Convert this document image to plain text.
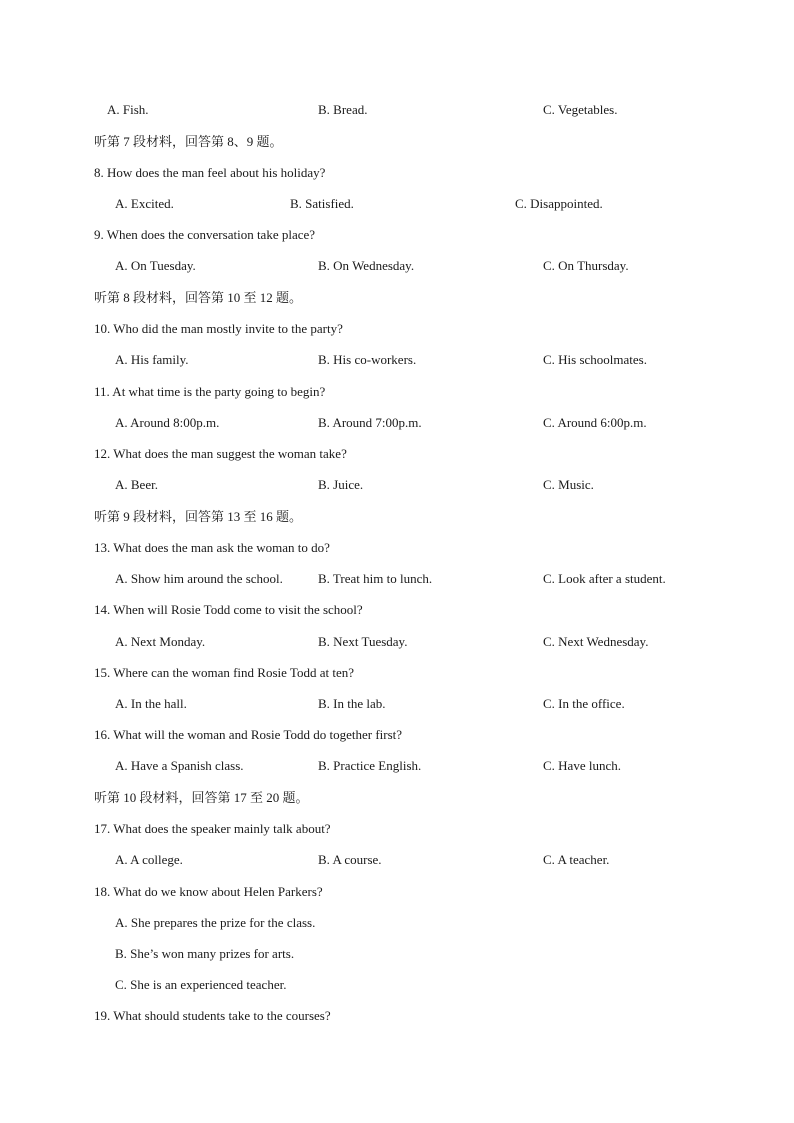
A. Fish.	B. Bread.	C. Vegetables.
听第 7 段材料，回答第 8、9 题。
8. How does the man feel about his holiday?
A. Excited.	B. Satisfied.	C. Disappointed.
9. When does the conversation take place?
A. On Tuesday.	B. On Wednesday.	C. On Thursday.
听第 8 段材料，回答第 10 至 12 题。
10. Who did the man mostly invite to the party?
A. His family.	B. His co-workers.	C. His schoolmates.
11. At what time is the party going to begin?
A. Around 8:00p.m.	B. Around 7:00p.m.	C. Around 6:00p.m.
12. What does the man suggest the woman take?
A. Beer.	B. Juice.	C. Music.
听第 9 段材料，回答第 13 至 16 题。
13. What does the man ask the woman to do?
A. Show him around the school.	B. Treat him to lunch.	C. Look after a student.
14. When will Rosie Todd come to visit the school?
A. Next Monday.	B. Next Tuesday.	C. Next Wednesday.
15. Where can the woman find Rosie Todd at ten?
A. In the hall.	B. In the lab.	C. In the office.
16. What will the woman and Rosie Todd do together first?
A. Have a Spanish class.	B. Practice English.	C. Have lunch.
听第 10 段材料，回答第 17 至 20 题。
17. What does the speaker mainly talk about?
A. A college.	B. A course.	C. A teacher.
18. What do we know about Helen Parkers?
A. She prepares the prize for the class.
B. She’s won many prizes for arts.
C. She is an experienced teacher.
19. What should students take to the courses?
